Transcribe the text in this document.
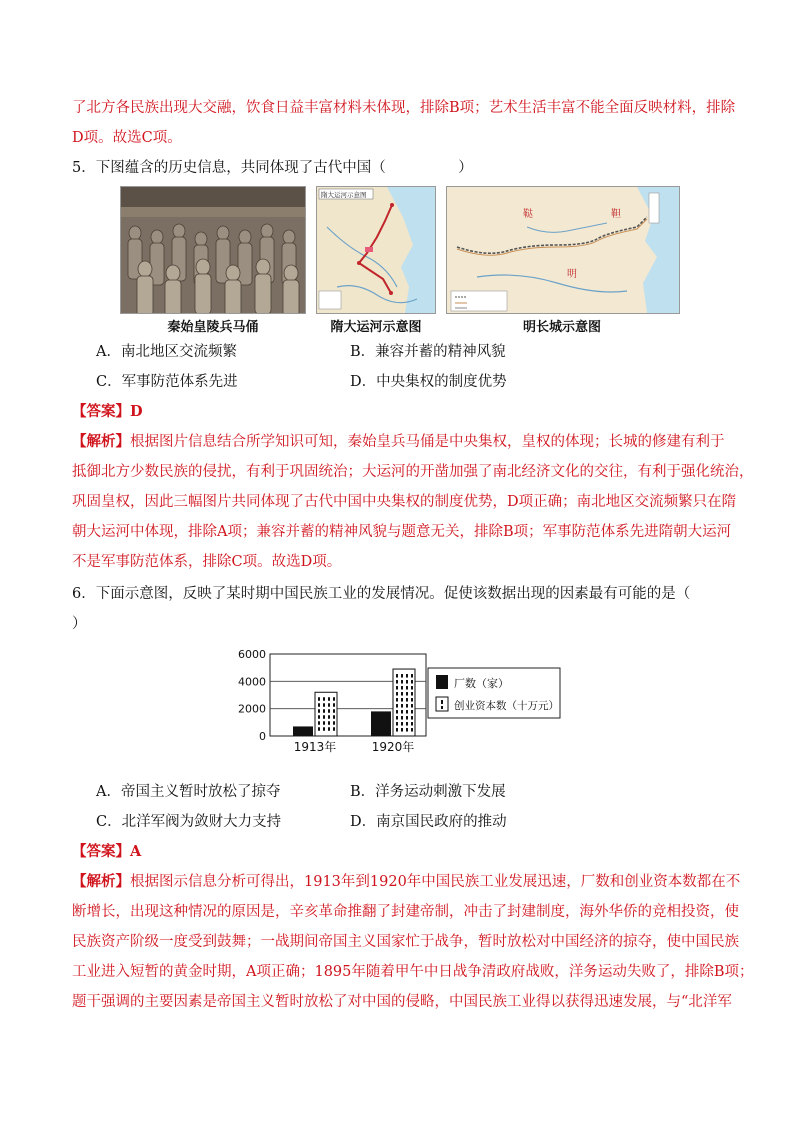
了北方各民族出现大交融，饮食日益丰富材料未体现，排除B项；艺术生活丰富不能全面反映材料，排除
D项。故选C项。
5．下图蕴含的历史信息，共同体现了古代中国（　　　　　）
秦始皇陵兵马俑
隋大运河示意图
隋大运河示意图
鞑	靼
明
明长城示意图
A．南北地区交流频繁	B．兼容并蓄的精神风貌
C．军事防范体系先进	D．中央集权的制度优势
【答案】D
【解析】根据图片信息结合所学知识可知，秦始皇兵马俑是中央集权，皇权的体现；长城的修建有利于
抵御北方少数民族的侵扰，有利于巩固统治；大运河的开凿加强了南北经济文化的交往，有利于强化统治，
巩固皇权，因此三幅图片共同体现了古代中国中央集权的制度优势，D项正确；南北地区交流频繁只在隋
朝大运河中体现，排除A项；兼容并蓄的精神风貌与题意无关，排除B项；军事防范体系先进隋朝大运河
不是军事防范体系，排除C项。故选D项。
6．下面示意图，反映了某时期中国民族工业的发展情况。促使该数据出现的因素最有可能的是（
）
6000
4000
2000
0
1913年	1920年
厂数（家）
创业资本数（十万元）
A．帝国主义暂时放松了掠夺	B．洋务运动刺激下发展
C．北洋军阀为敛财大力支持	D．南京国民政府的推动
【答案】A
【解析】根据图示信息分析可得出，1913年到1920年中国民族工业发展迅速，厂数和创业资本数都在不
断增长，出现这种情况的原因是，辛亥革命推翻了封建帝制，冲击了封建制度，海外华侨的竞相投资，使
民族资产阶级一度受到鼓舞；一战期间帝国主义国家忙于战争，暂时放松对中国经济的掠夺，使中国民族
工业进入短暂的黄金时期，A项正确；1895年随着甲午中日战争清政府战败，洋务运动失败了，排除B项；
题干强调的主要因素是帝国主义暂时放松了对中国的侵略，中国民族工业得以获得迅速发展，与“北洋军
